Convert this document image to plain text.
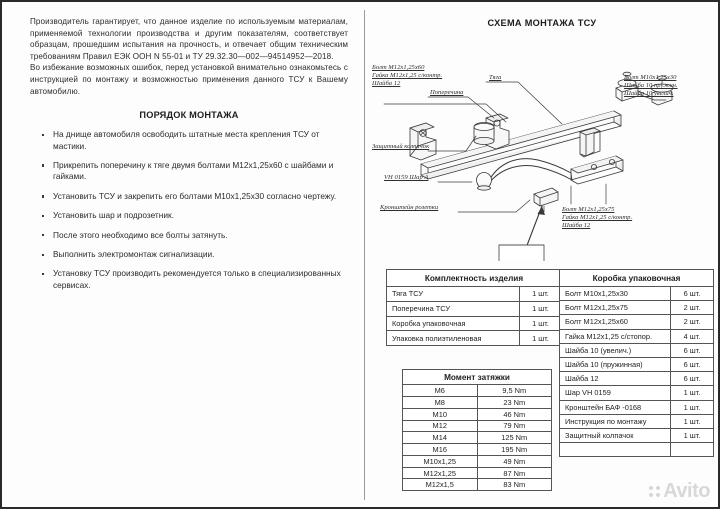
Производитель гарантирует, что данное изделие по используемым материалам, применяемой технологии производства и другим показателям, соответствует образцам, прошедшим испытания на прочность, и отвечает общим техническим требованиям Правил ЕЭК ООН N 55-01 и ТУ 29.32.30—002—94514952—2018.

Во избежание возможных ошибок, перед установкой внимательно ознакомьтесь с инструкцией по монтажу и возможностью применения данного ТСУ к Вашему автомобилю.

ПОРЯДОК МОНТАЖА
На днище автомобиля освободить штатные места крепления ТСУ от мастики.
Прикрепить поперечину к тяге двумя болтами M12x1,25x60 с шайбами и гайками.
Установить ТСУ и закрепить его болтами M10x1,25x30 согласно чертежу.
Установить шар и подрозетник.
После этого необходимо все болты затянуть.
Выполнить электромонтаж сигнализации.
Установку ТСУ производить рекомендуется только в специализированных сервисах.
СХЕМА МОНТАЖА ТСУ
Болт M12x1,25x60
Гайка M12x1,25 с/контр.
Шайба 12
Тяга
Поперечина
Болт M10x1,25x30
Шайба 10 пружин.
Шайба 10 увелич.
Защитный колпачок
VH 0159 Шар A
Кронштейн розетки	Болт M12x1,25x75
Гайка M12x1,25 с/контр.
Шайба 12
Комплектность изделия	
Тяга ТСУ	1 шт.
Поперечина ТСУ	1 шт.
Коробка упаковочная	1 шт.
Упаковка полиэтиленовая	1 шт.
Коробка упаковочная	
Болт M10x1,25x30	6 шт.
Болт M12x1,25x75	2 шт.
Болт M12x1,25x60	2 шт.
Гайка M12x1,25 с/стопор.	4 шт.
Шайба 10 (увелич.)	6 шт.
Шайба 10 (пружинная)	6 шт.
Шайба 12	6 шт.
Шар VH 0159	1 шт.
Кронштейн БАФ -0168	1 шт.
Инструкция по монтажу	1 шт.
Защитный колпачок	1 шт.

Момент затяжки	
M6	9,5 Nm
M8	23 Nm
M10	46 Nm
M12	79 Nm
M14	125 Nm
M16	195 Nm
M10x1,25	49 Nm
M12x1,25	87 Nm
M12x1,5	83 Nm	Avito
